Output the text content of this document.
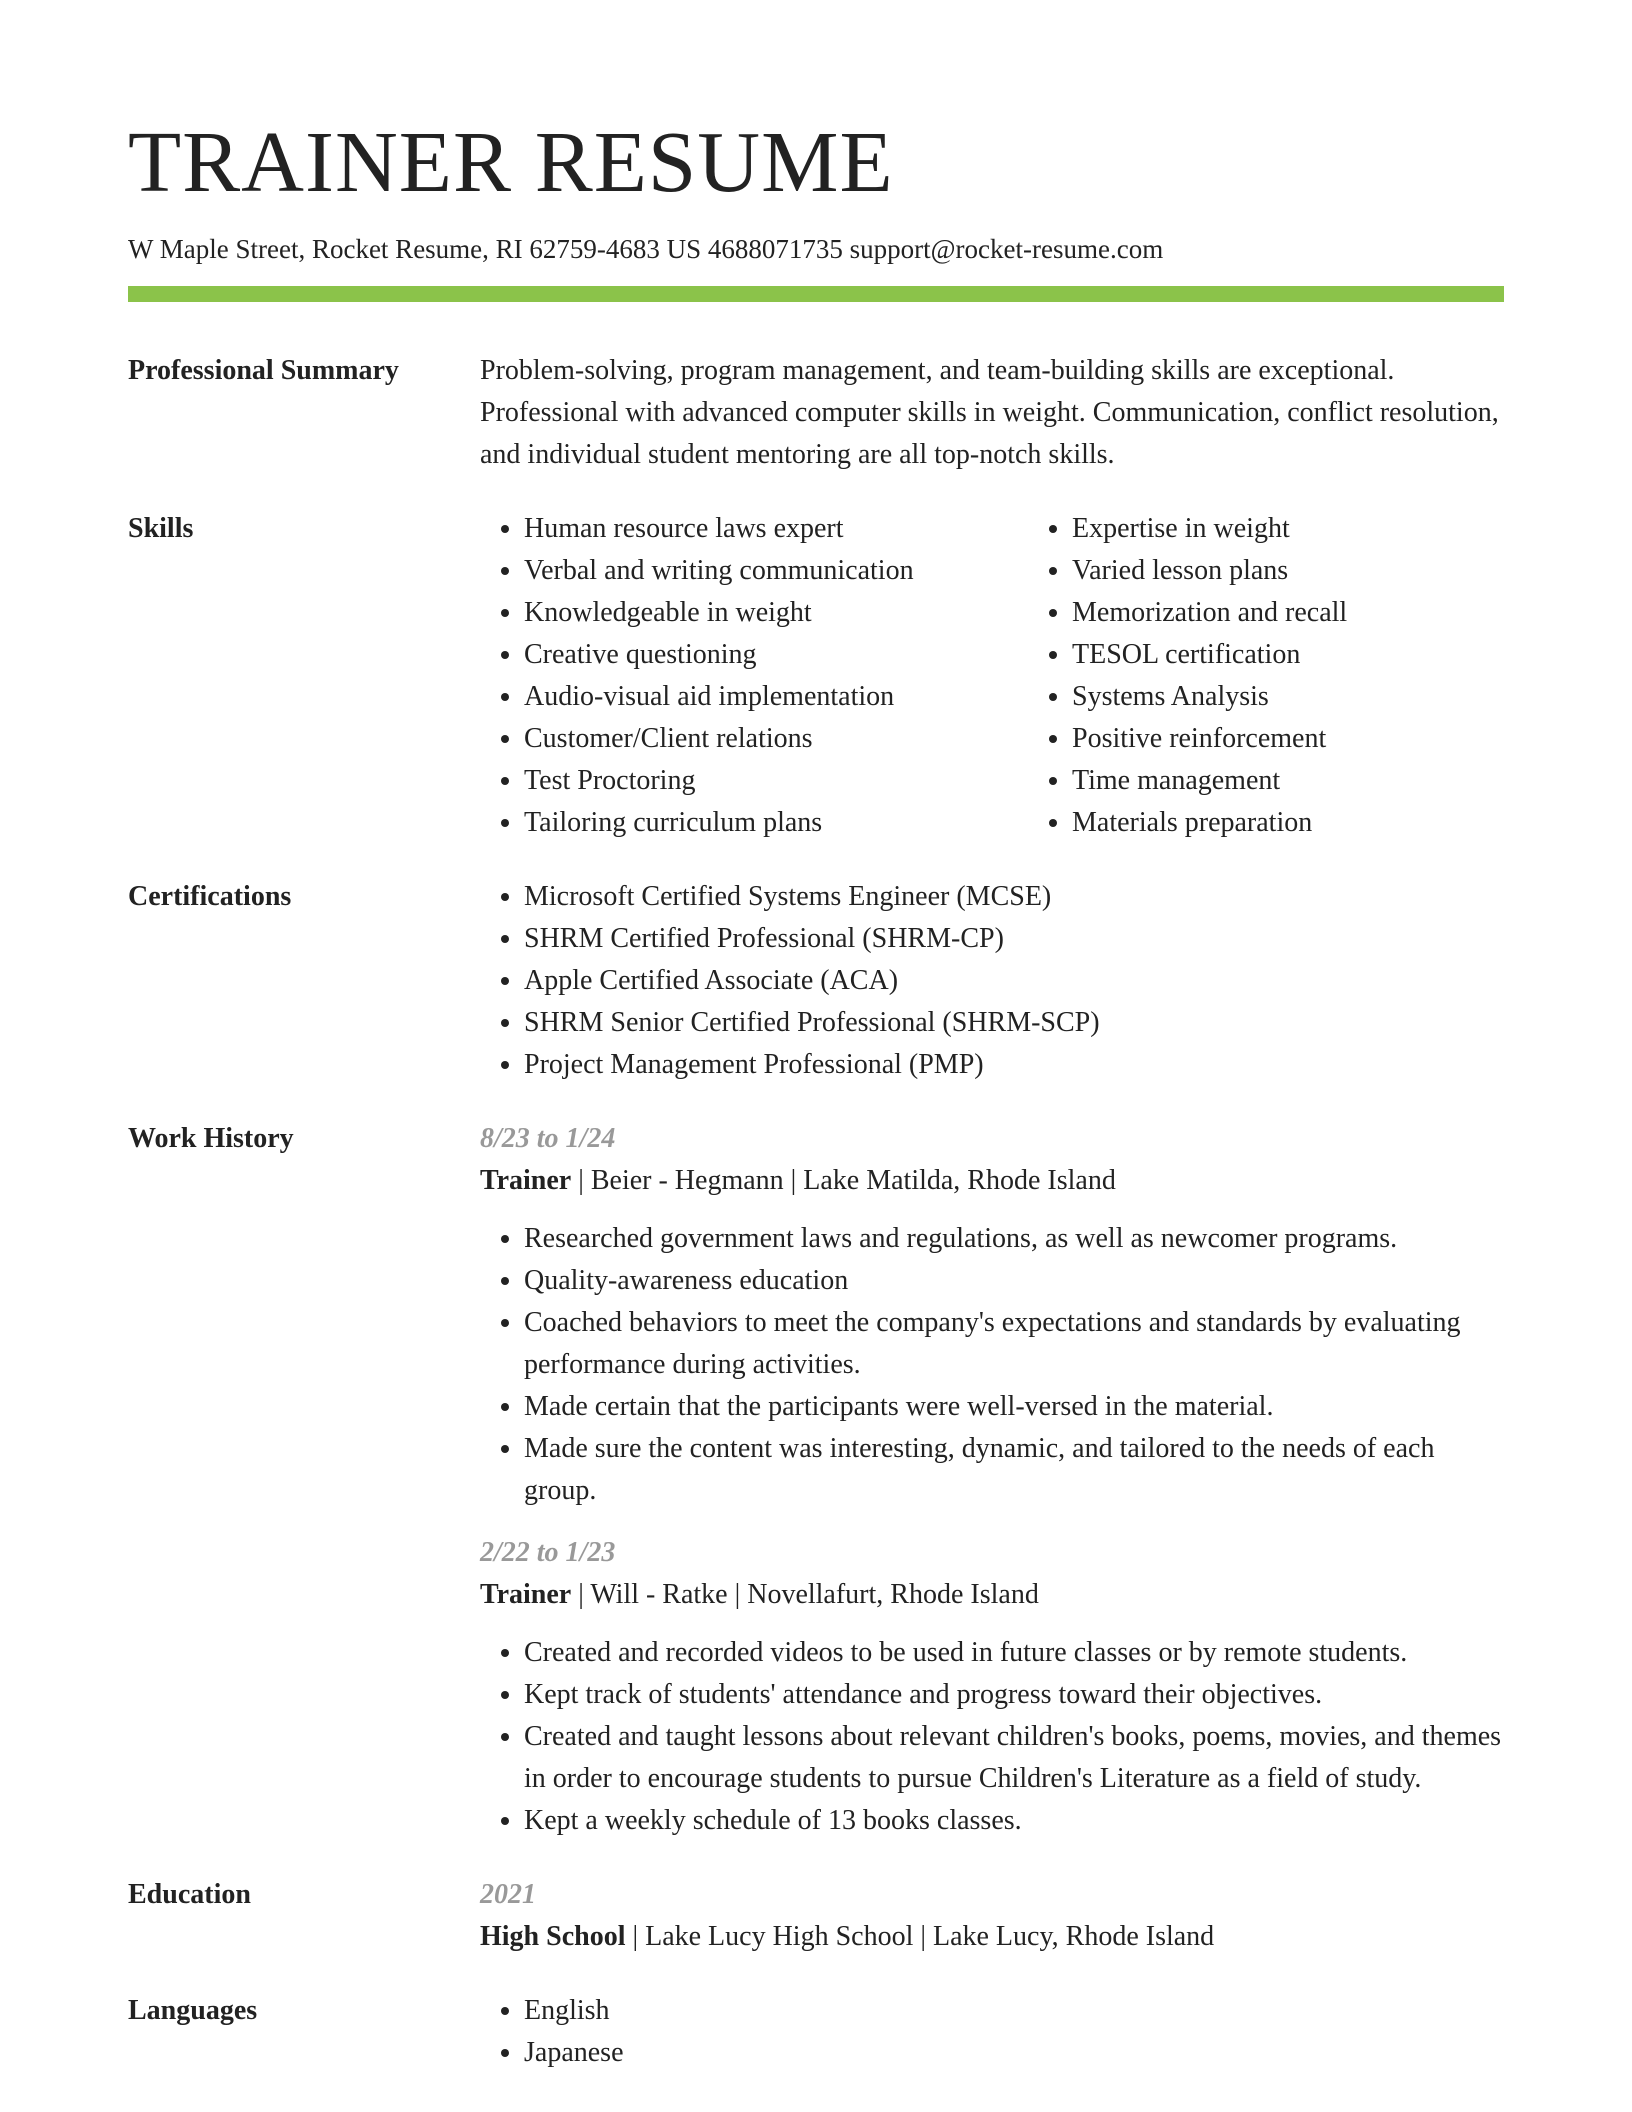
TRAINER RESUME
W Maple Street, Rocket Resume, RI 62759-4683 US 4688071735 support@rocket-resume.com
Professional Summary	Problem-solving, program management, and team-building skills are exceptional. Professional with advanced computer skills in weight. Communication, conflict resolution, and individual student mentoring are all top-notch skills.

Skills	• Human resource laws expert
• Verbal and writing communication
• Knowledgeable in weight
• Creative questioning
• Audio-visual aid implementation
• Customer/Client relations
• Test Proctoring
• Tailoring curriculum plans
• Expertise in weight
• Varied lesson plans
• Memorization and recall
• TESOL certification
• Systems Analysis
• Positive reinforcement
• Time management
• Materials preparation
Certifications	• Microsoft Certified Systems Engineer (MCSE)
• SHRM Certified Professional (SHRM-CP)
• Apple Certified Associate (ACA)
• SHRM Senior Certified Professional (SHRM-SCP)
• Project Management Professional (PMP)
Work History	8/23 to 1/24
Trainer | Beier - Hegmann | Lake Matilda, Rhode Island
• Researched government laws and regulations, as well as newcomer programs.
• Quality-awareness education
• Coached behaviors to meet the company's expectations and standards by evaluating performance during activities.
• Made certain that the participants were well-versed in the material.
• Made sure the content was interesting, dynamic, and tailored to the needs of each group.
2/22 to 1/23
Trainer | Will - Ratke | Novellafurt, Rhode Island
• Created and recorded videos to be used in future classes or by remote students.
• Kept track of students' attendance and progress toward their objectives.
• Created and taught lessons about relevant children's books, poems, movies, and themes in order to encourage students to pursue Children's Literature as a field of study.
• Kept a weekly schedule of 13 books classes.
Education	2021
High School | Lake Lucy High School | Lake Lucy, Rhode Island
Languages	• English
• Japanese
